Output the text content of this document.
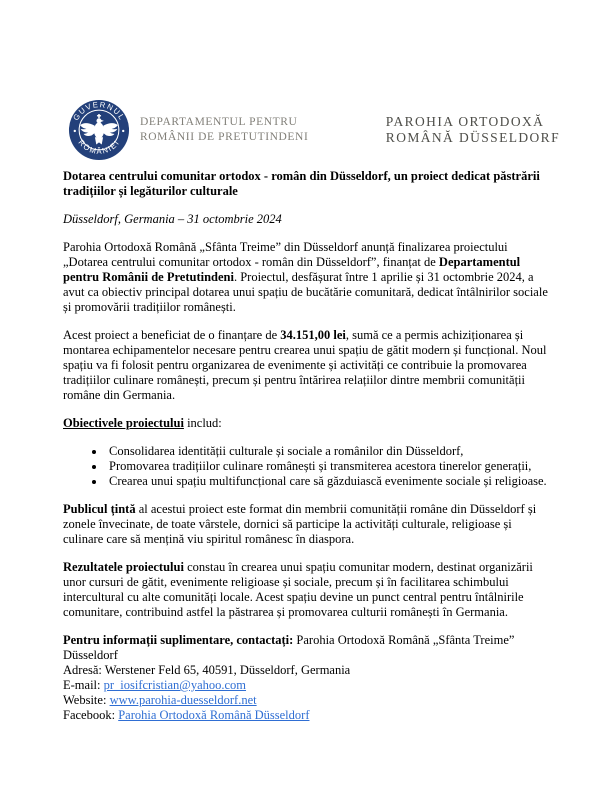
GUVERNUL
ROMÂNIEI
DEPARTAMENTUL PENTRU
ROMÂNII DE PRETUTINDENI
PAROHIA ORTODOXĂ
ROMÂNĂ DÜSSELDORF
Dotarea centrului comunitar ortodox - român din Düsseldorf, un proiect dedicat păstrării tradițiilor și legăturilor culturale

Düsseldorf, Germania – 31 octombrie 2024

Parohia Ortodoxă Română „Sfânta Treime” din Düsseldorf anunță finalizarea proiectului „Dotarea centrului comunitar ortodox - român din Düsseldorf”, finanțat de Departamentul pentru Românii de Pretutindeni. Proiectul, desfășurat între 1 aprilie și 31 octombrie 2024, a avut ca obiectiv principal dotarea unui spațiu de bucătărie comunitară, dedicat întâlnirilor sociale și promovării tradițiilor românești.

Acest proiect a beneficiat de o finanțare de 34.151,00 lei, sumă ce a permis achiziționarea și montarea echipamentelor necesare pentru crearea unui spațiu de gătit modern și funcțional. Noul spațiu va fi folosit pentru organizarea de evenimente și activități ce contribuie la promovarea tradițiilor culinare românești, precum și pentru întărirea relațiilor dintre membrii comunității române din Germania.

Obiectivele proiectului includ:

• Consolidarea identității culturale și sociale a românilor din Düsseldorf,
• Promovarea tradițiilor culinare românești și transmiterea acestora tinerelor generații,
• Crearea unui spațiu multifuncțional care să găzduiască evenimente sociale și religioase.

Publicul țintă al acestui proiect este format din membrii comunității române din Düsseldorf și zonele învecinate, de toate vârstele, dornici să participe la activități culturale, religioase și culinare care să mențină viu spiritul românesc în diaspora.

Rezultatele proiectului constau în crearea unui spațiu comunitar modern, destinat organizării unor cursuri de gătit, evenimente religioase și sociale, precum și în facilitarea schimbului intercultural cu alte comunități locale. Acest spațiu devine un punct central pentru întâlnirile comunitare, contribuind astfel la păstrarea și promovarea culturii românești în Germania.

Pentru informații suplimentare, contactați: Parohia Ortodoxă Română „Sfânta Treime” Düsseldorf
Adresă: Werstener Feld 65, 40591, Düsseldorf, Germania
E-mail: pr_iosifcristian@yahoo.com
Website: www.parohia-duesseldorf.net
Facebook: Parohia Ortodoxă Română Düsseldorf
